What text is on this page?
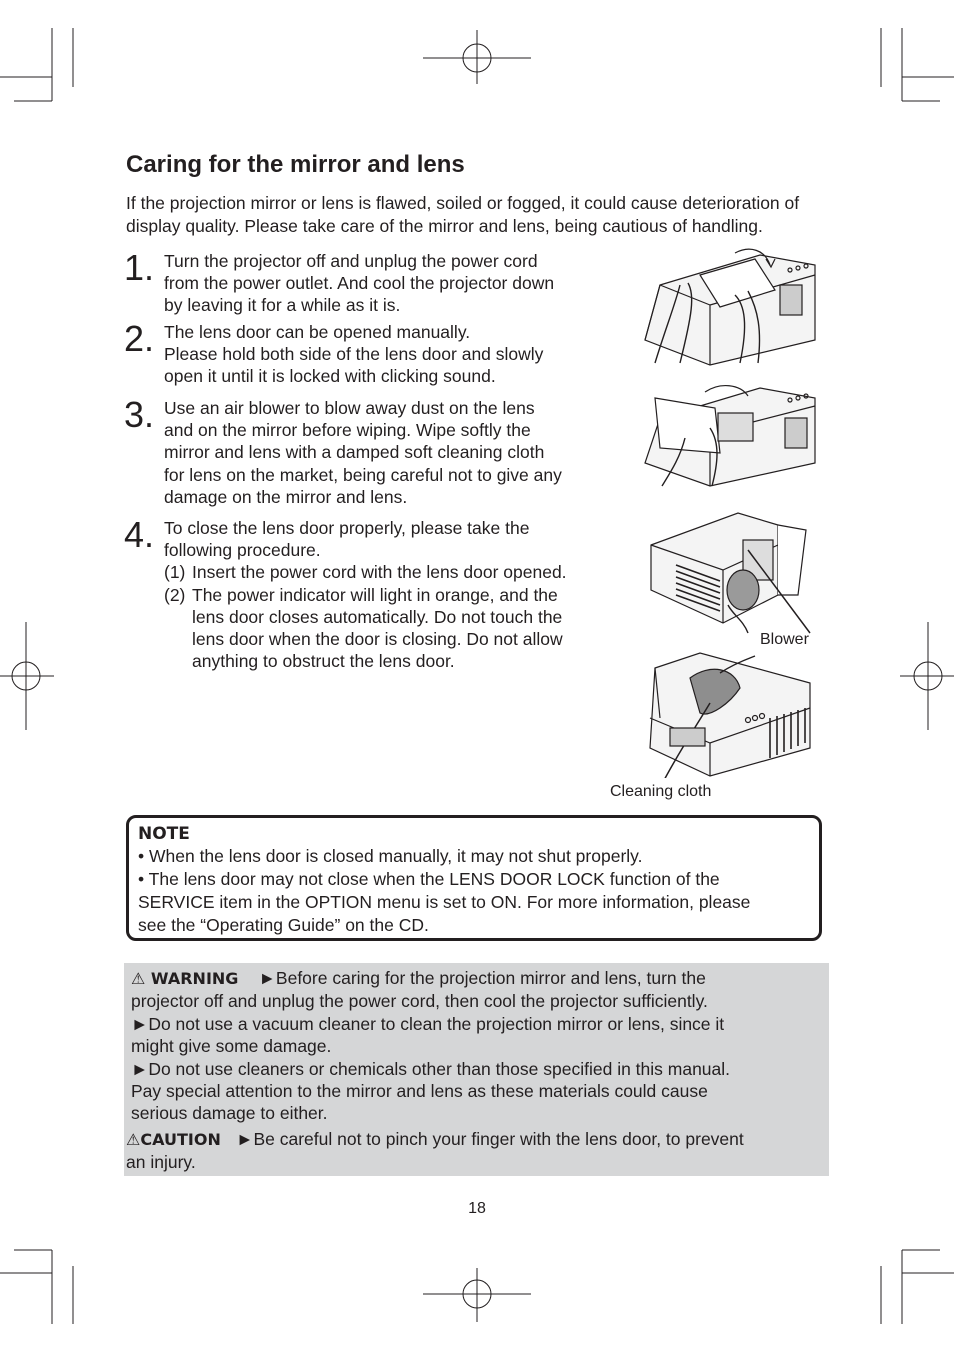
Caring for the mirror and lens

If the projection mirror or lens is flawed, soiled or fogged, it could cause deterioration of display quality. Please take care of the mirror and lens, being cautious of handling.

1. Turn the projector off and unplug the power cord
from the power outlet. And cool the projector down
by leaving it for a while as it is.
2. The lens door can be opened manually.
Please hold both side of the lens door and slowly
open it until it is locked with clicking sound.
3. Use an air blower to blow away dust on the lens
and on the mirror before wiping. Wipe softly the
mirror and lens with a damped soft cleaning cloth
for lens on the market, being careful not to give any
damage on the mirror and lens.
4. To close the lens door properly, please take the
following procedure.
(1) Insert the power cord with the lens door opened.
(2) The power indicator will light in orange, and the
lens door closes automatically. Do not touch the
lens door when the door is closing. Do not allow
anything to obstruct the lens door.
Blower
Cleaning cloth
NOTE

• When the lens door is closed manually, it may not shut properly.

• The lens door may not close when the LENS DOOR LOCK function of the

SERVICE item in the OPTION menu is set to ON. For more information, please

see the “Operating Guide” on the CD.

⚠ WARNING ►Before caring for the projection mirror and lens, turn the
projector off and unplug the power cord, then cool the projector sufficiently.

►Do not use a vacuum cleaner to clean the projection mirror or lens, since it
might give some damage.

►Do not use cleaners or chemicals other than those specified in this manual.
Pay special attention to the mirror and lens as these materials could cause
serious damage to either.

⚠CAUTION ►Be careful not to pinch your finger with the lens door, to prevent
an injury.

18
